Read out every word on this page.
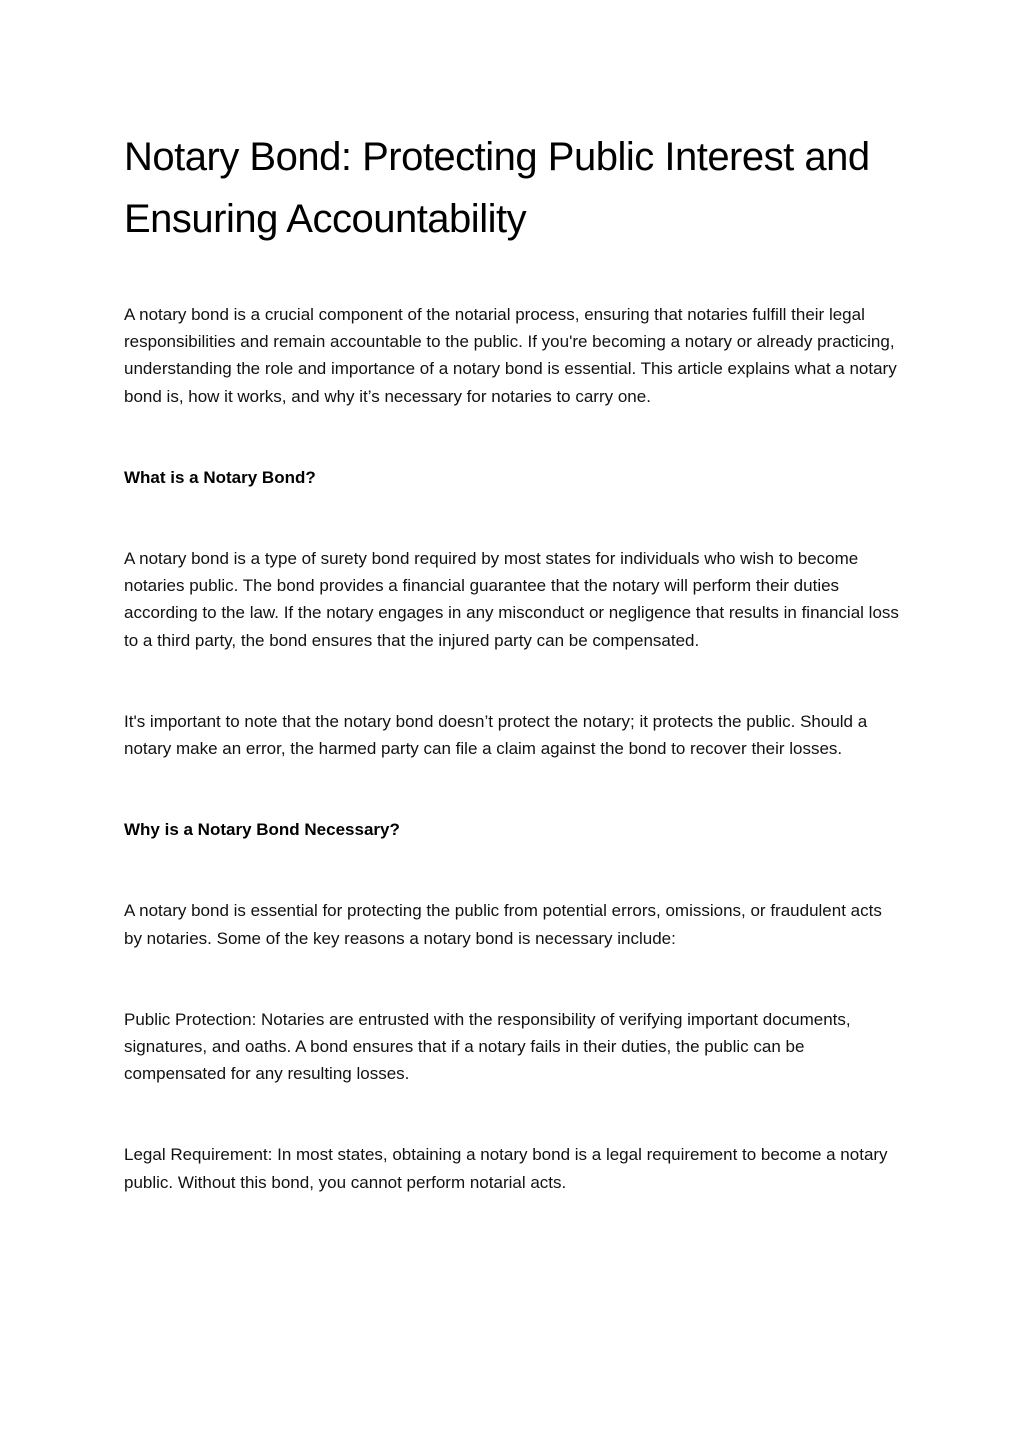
Notary Bond: Protecting Public Interest and Ensuring Accountability

A notary bond is a crucial component of the notarial process, ensuring that notaries fulfill their legal responsibilities and remain accountable to the public. If you're becoming a notary or already practicing, understanding the role and importance of a notary bond is essential. This article explains what a notary bond is, how it works, and why it’s necessary for notaries to carry one.

What is a Notary Bond?

A notary bond is a type of surety bond required by most states for individuals who wish to become notaries public. The bond provides a financial guarantee that the notary will perform their duties according to the law. If the notary engages in any misconduct or negligence that results in financial loss to a third party, the bond ensures that the injured party can be compensated.

It's important to note that the notary bond doesn’t protect the notary; it protects the public. Should a notary make an error, the harmed party can file a claim against the bond to recover their losses.

Why is a Notary Bond Necessary?

A notary bond is essential for protecting the public from potential errors, omissions, or fraudulent acts by notaries. Some of the key reasons a notary bond is necessary include:

Public Protection: Notaries are entrusted with the responsibility of verifying important documents, signatures, and oaths. A bond ensures that if a notary fails in their duties, the public can be compensated for any resulting losses.

Legal Requirement: In most states, obtaining a notary bond is a legal requirement to become a notary public. Without this bond, you cannot perform notarial acts.
